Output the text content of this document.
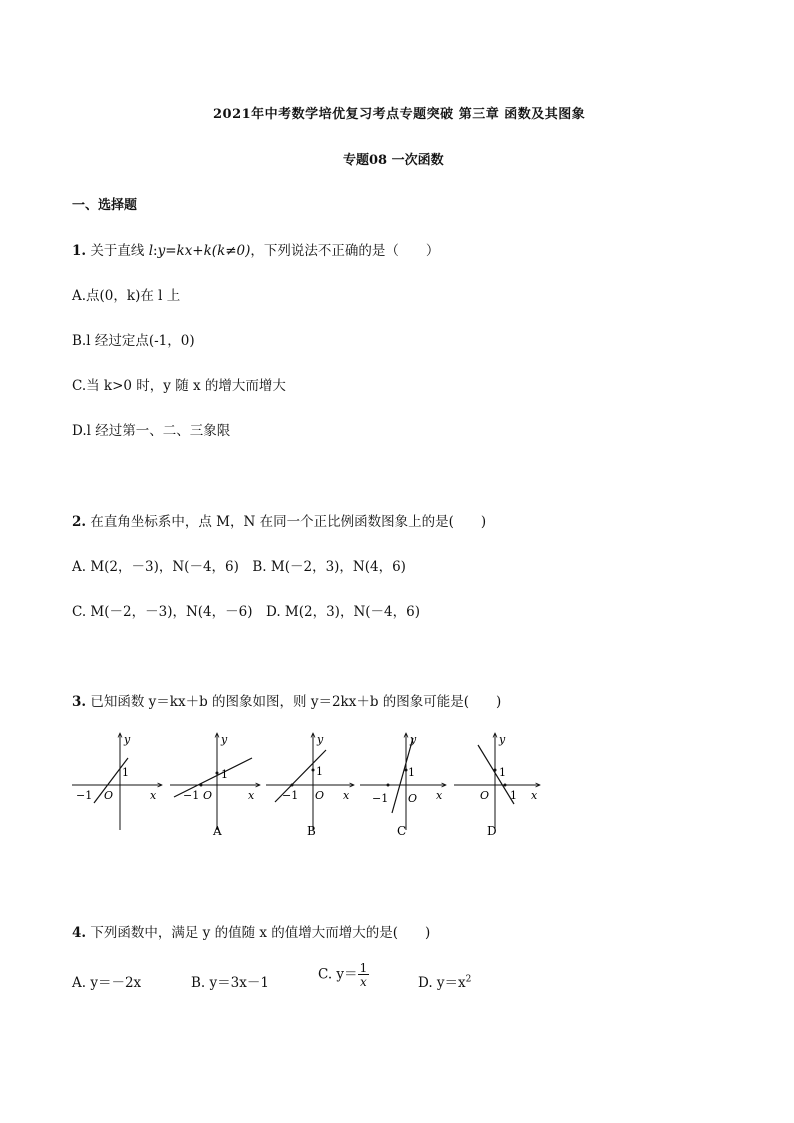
2021年中考数学培优复习考点专题突破 第三章 函数及其图象
专题08 一次函数
一、选择题
1. 关于直线 l:y=kx+k(k≠0)，下列说法不正确的是（　　）
A.点(0，k)在 l 上
B.l 经过定点(-1，0)
C.当 k>0 时，y 随 x 的增大而增大
D.l 经过第一、二、三象限
2. 在直角坐标系中，点 M，N 在同一个正比例函数图象上的是(　　)
A. M(2，－3)，N(－4，6)　B. M(－2，3)，N(4，6)
C. M(－2，－3)，N(4，－6)　D. M(2，3)，N(－4，6)
3. 已知函数 y＝kx＋b 的图象如图，则 y＝2kx＋b 的图象可能是(　　)
y
x
O
1
−1
y
x
O
1
−1
A
y
x
O
1
−1
B
y
x
O
1
−1
C
y
x
O
1
1
D
4. 下列函数中，满足 y 的值随 x 的值增大而增大的是(　　)
A. y＝－2x	B. y＝3x－1
C. $y= \frac{1}{x}$	D. $y=x^2$
